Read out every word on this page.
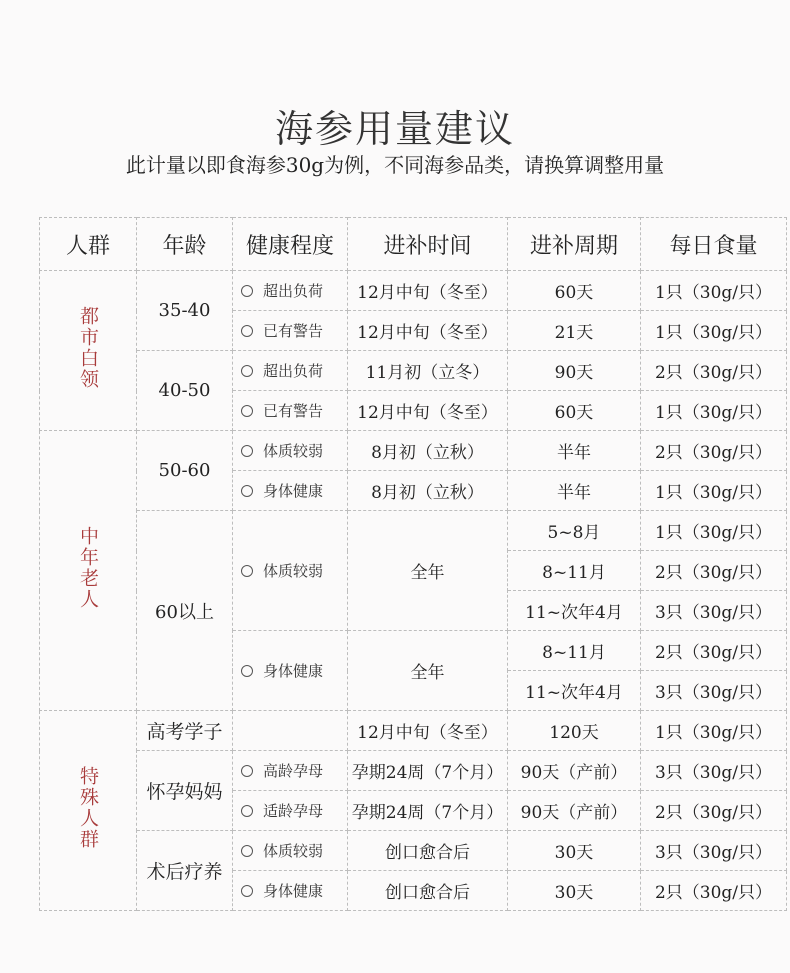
海参用量建议
此计量以即食海参30g为例，不同海参品类，请换算调整用量
人群	年龄	健康程度	进补时间	进补周期	每日食量
都市白领	35-40	超出负荷	12月中旬（冬至）	60天	1只（30g/只）
		已有警告	12月中旬（冬至）	21天	1只（30g/只）
	40-50	超出负荷	11月初（立冬）	90天	2只（30g/只）
		已有警告	12月中旬（冬至）	60天	1只（30g/只）
中年老人	50-60	体质较弱	8月初（立秋）	半年	2只（30g/只）
		身体健康	8月初（立秋）	半年	1只（30g/只）
	60以上	体质较弱	全年	5~8月	1只（30g/只）
				8~11月	2只（30g/只）
				11~次年4月	3只（30g/只）
		身体健康	全年	8~11月	2只（30g/只）
				11~次年4月	3只（30g/只）
特殊人群	高考学子		12月中旬（冬至）	120天	1只（30g/只）
	怀孕妈妈	高龄孕母	孕期24周（7个月）	90天（产前）	3只（30g/只）
		适龄孕母	孕期24周（7个月）	90天（产前）	2只（30g/只）
	术后疗养	体质较弱	创口愈合后	30天	3只（30g/只）
		身体健康	创口愈合后	30天	2只（30g/只）
